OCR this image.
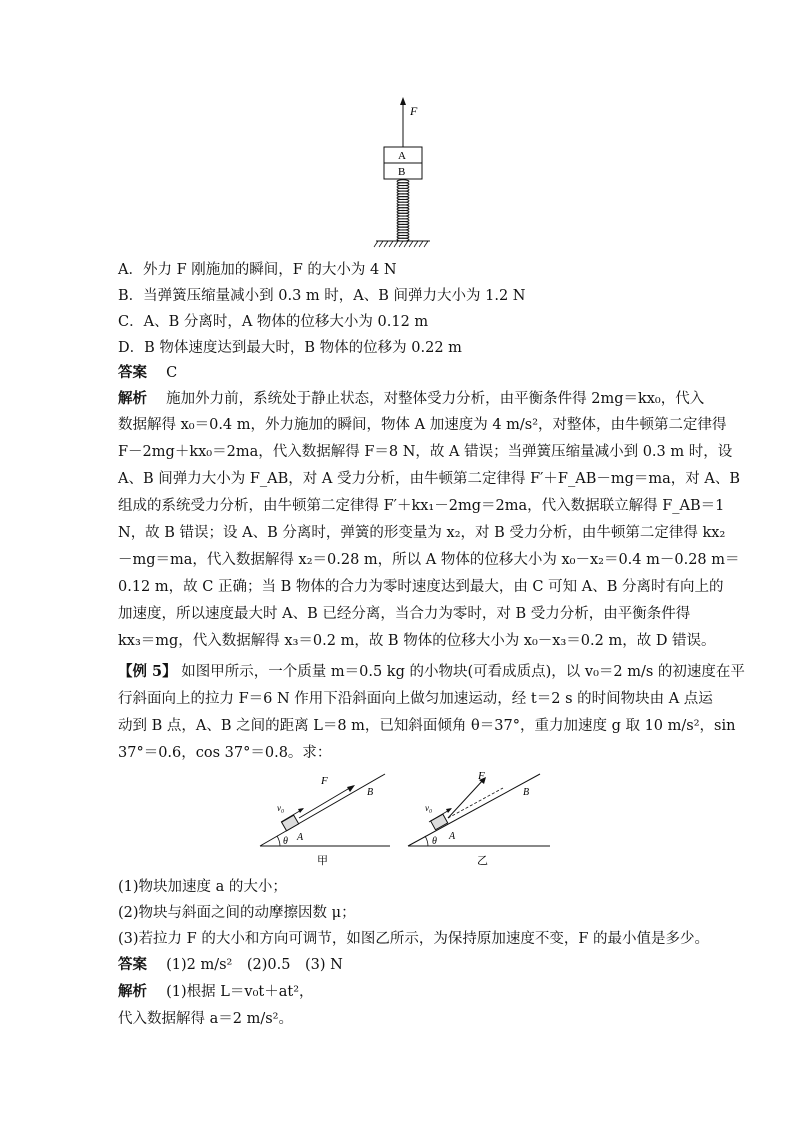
F
A
B
A．外力 F 刚施加的瞬间，F 的大小为 4 N
B．当弹簧压缩量减小到 0.3 m 时，A、B 间弹力大小为 1.2 N
C．A、B 分离时，A 物体的位移大小为 0.12 m
D．B 物体速度达到最大时，B 物体的位移为 0.22 m
答案　 C
解析　 施加外力前，系统处于静止状态，对整体受力分析，由平衡条件得 2mg＝kx₀，代入
数据解得 x₀＝0.4 m，外力施加的瞬间，物体 A 加速度为 4 m/s²，对整体，由牛顿第二定律得
F－2mg＋kx₀＝2ma，代入数据解得 F＝8 N，故 A 错误；当弹簧压缩量减小到 0.3 m 时，设
A、B 间弹力大小为 F_AB，对 A 受力分析，由牛顿第二定律得 F′＋F_AB－mg＝ma，对 A、B
组成的系统受力分析，由牛顿第二定律得 F′＋kx₁－2mg＝2ma，代入数据联立解得 F_AB＝1
N，故 B 错误；设 A、B 分离时，弹簧的形变量为 x₂，对 B 受力分析，由牛顿第二定律得 kx₂
－mg＝ma，代入数据解得 x₂＝0.28 m，所以 A 物体的位移大小为 x₀－x₂＝0.4 m－0.28 m＝
0.12 m，故 C 正确；当 B 物体的合力为零时速度达到最大，由 C 可知 A、B 分离时有向上的
加速度，所以速度最大时 A、B 已经分离，当合力为零时，对 B 受力分析，由平衡条件得
kx₃＝mg，代入数据解得 x₃＝0.2 m，故 B 物体的位移大小为 x₀－x₃＝0.2 m，故 D 错误。
【例 5】 如图甲所示，一个质量 m＝0.5 kg 的小物块(可看成质点)，以 v₀＝2 m/s 的初速度在平
行斜面向上的拉力 F＝6 N 作用下沿斜面向上做匀加速运动，经 t＝2 s 的时间物块由 A 点运
动到 B 点，A、B 之间的距离 L＝8 m，已知斜面倾角 θ＝37°，重力加速度 g 取 10 m/s²，sin
37°＝0.6，cos 37°＝0.8。求：
θ
F
v₀
A
B
甲
θ
F
v₀
A
B
乙
(1)物块加速度 a 的大小；
(2)物块与斜面之间的动摩擦因数 μ；
(3)若拉力 F 的大小和方向可调节，如图乙所示，为保持原加速度不变，F 的最小值是多少。
答案　 (1)2 m/s²　(2)0.5　(3) N
解析　 (1)根据 L＝v₀t＋at²，
代入数据解得 a＝2 m/s²。
